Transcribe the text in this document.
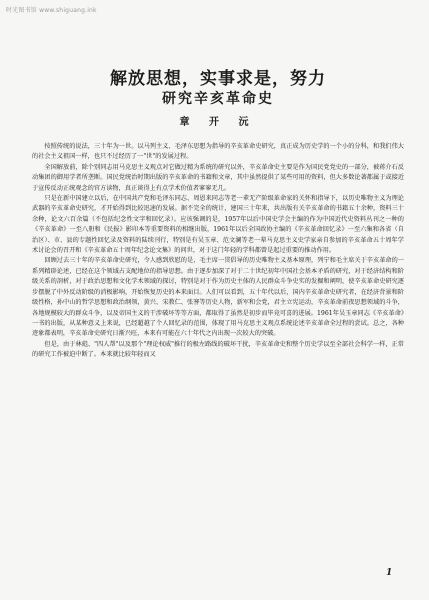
时光图书馆 www.shiguang.ink
解放思想，实事求是，努力
研究辛亥革命史
章 开 沅

按照传统的说法，三十年为一世。以马列主义、毛泽东思想为指导的辛亥革命史研究，真正成为历史学的一个小的分科，和我们伟大的社会主义祖国一样，也只不过经历了一"世"的发展过程。

全国解放前，除个别同志用马克思主义观点对它做过精为系统的研究以外，辛亥革命史主要是作为国民党党史的一部分，被蒋介石反动集团的御用学者所垄断。国民党统治时期出版的辛亥革命的书籍和文章，其中虽然提供了某些可用的资料，但大多数论著都属于或接近于宣传反动正统观念的官方读物，真正谈得上有点学术价值者寥寥无几。

只是在新中国建立以后，在中国共产党和毛泽东同志、周恩来同志等老一辈无产阶级革命家的关怀和指导下，以历史唯物主义为理论武器的辛亥革命史研究，才开始得到比较迅速的发展。据不完全的统计，建国三十年来，共出版有关辛亥革命的书籍五十余种，资料三十余种，论文六百余篇（不包括纪念性文字和回忆录）。应该强调的是，1957年以后中国史学会主编的作为中国近代史资料丛刊之一种的《辛亥革命》一至八册和《民报》影印本等重要资料的相继出版，1961年以后全国政协主编的《辛亥革命回忆录》一至六集和各省（自治区）、市、县的专题性回忆录及资料的陆续刊行，特别是有吴玉章、范文澜等老一辈马克思主义史学家亲自参加的辛亥革命五十周年学术讨论会的召开和《辛亥革命五十周年纪念论文集》的问世，对于这门年轻的学科都曾是起过重要的推动作用。

回顾过去三十年的辛亥革命史研究，令人感到欣慰的是，毛主席一贯倡导的历史唯物主义基本原理，列宁和毛主席关于辛亥革命的一系列精辟论述，已经在这个领域占支配地位的指导思想。由于逐步加深了对于二十世纪初年中国社会基本矛盾的研究，对于经济结构和阶级关系的剖析，对于政治思想和文化学术领域的探讨，特别是对于作为历史主体的人民群众斗争史实的发掘和阐明，使辛亥革命史研究逐步摆脱了中外反动阶级的消极影响，开始恢复历史的本来面目。人们可以看到，五十年代以后，国内辛亥革命史研究者，在经济背景和阶级性格，孙中山的哲学思想和政治纲领，黄兴、宋教仁、张謇等历史人物，新军和会党，君主立宪运动，辛亥革命前夜思想领域的斗争，各地规模较大的群众斗争，以及帝国主义的干涉破坏等等方面，都取得了虽然是初步而毕竟可喜的进展。1961年吴玉章同志《辛亥革命》一书的出版，从某种意义上来说，已经超越了个人回忆录的范围，体现了用马克思主义观点系统论述辛亥革命全过程的尝试。总之，各种迹象都表明，辛亥革命史研究日渐兴旺，本来有可能在六十年代之内出现一次较大的突破。

但是，由于林彪、"四人帮"以及那个"理论权威"推行的极左路线的破坏干扰，辛亥革命史和整个历史学以至全部社会科学一样，正常的研究工作被迫中断了。本来就比较年轻而又

1
